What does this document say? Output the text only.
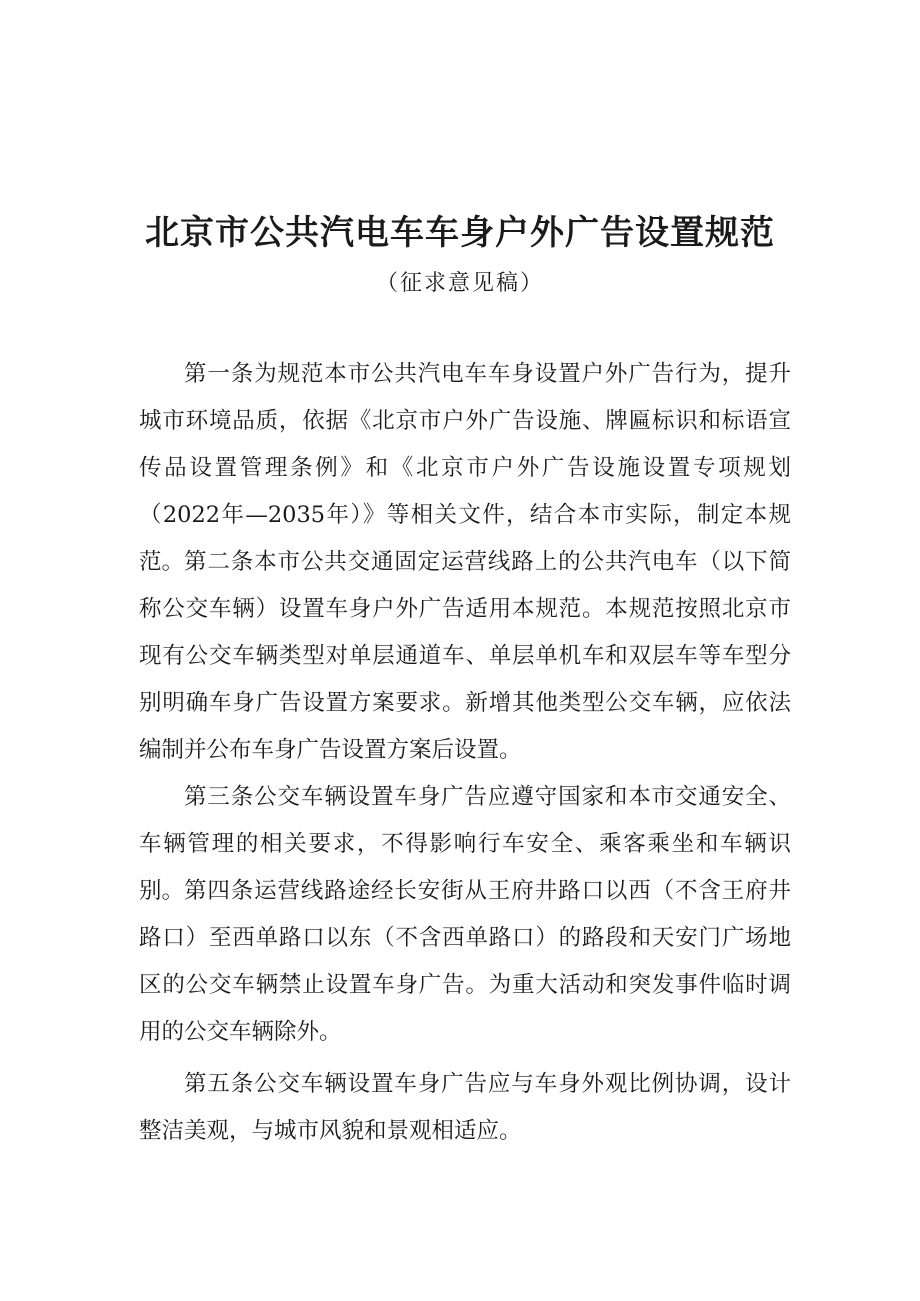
北京市公共汽电车车身户外广告设置规范
（征求意见稿）

第一条为规范本市公共汽电车车身设置户外广告行为，提升城市环境品质，依据《北京市户外广告设施、牌匾标识和标语宣传品设置管理条例》和《北京市户外广告设施设置专项规划（2022年—2035年）》等相关文件，结合本市实际，制定本规范。 第二条本市公共交通固定运营线路上的公共汽电车（以下简称公交车辆）设置车身户外广告适用本规范。本规范按照北京市现有公交车辆类型对单层通道车、单层单机车和双层车等车型分别明确车身广告设置方案要求。新增其他类型公交车辆，应依法编制并公布车身广告设置方案后设置。

第三条公交车辆设置车身广告应遵守国家和本市交通安全、车辆管理的相关要求，不得影响行车安全、乘客乘坐和车辆识别。 第四条运营线路途经长安街从王府井路口以西（不含王府井路口）至西单路口以东（不含西单路口）的路段和天安门广场地区的公交车辆禁止设置车身广告。为重大活动和突发事件临时调用的公交车辆除外。

第五条公交车辆设置车身广告应与车身外观比例协调，设计整洁美观，与城市风貌和景观相适应。
